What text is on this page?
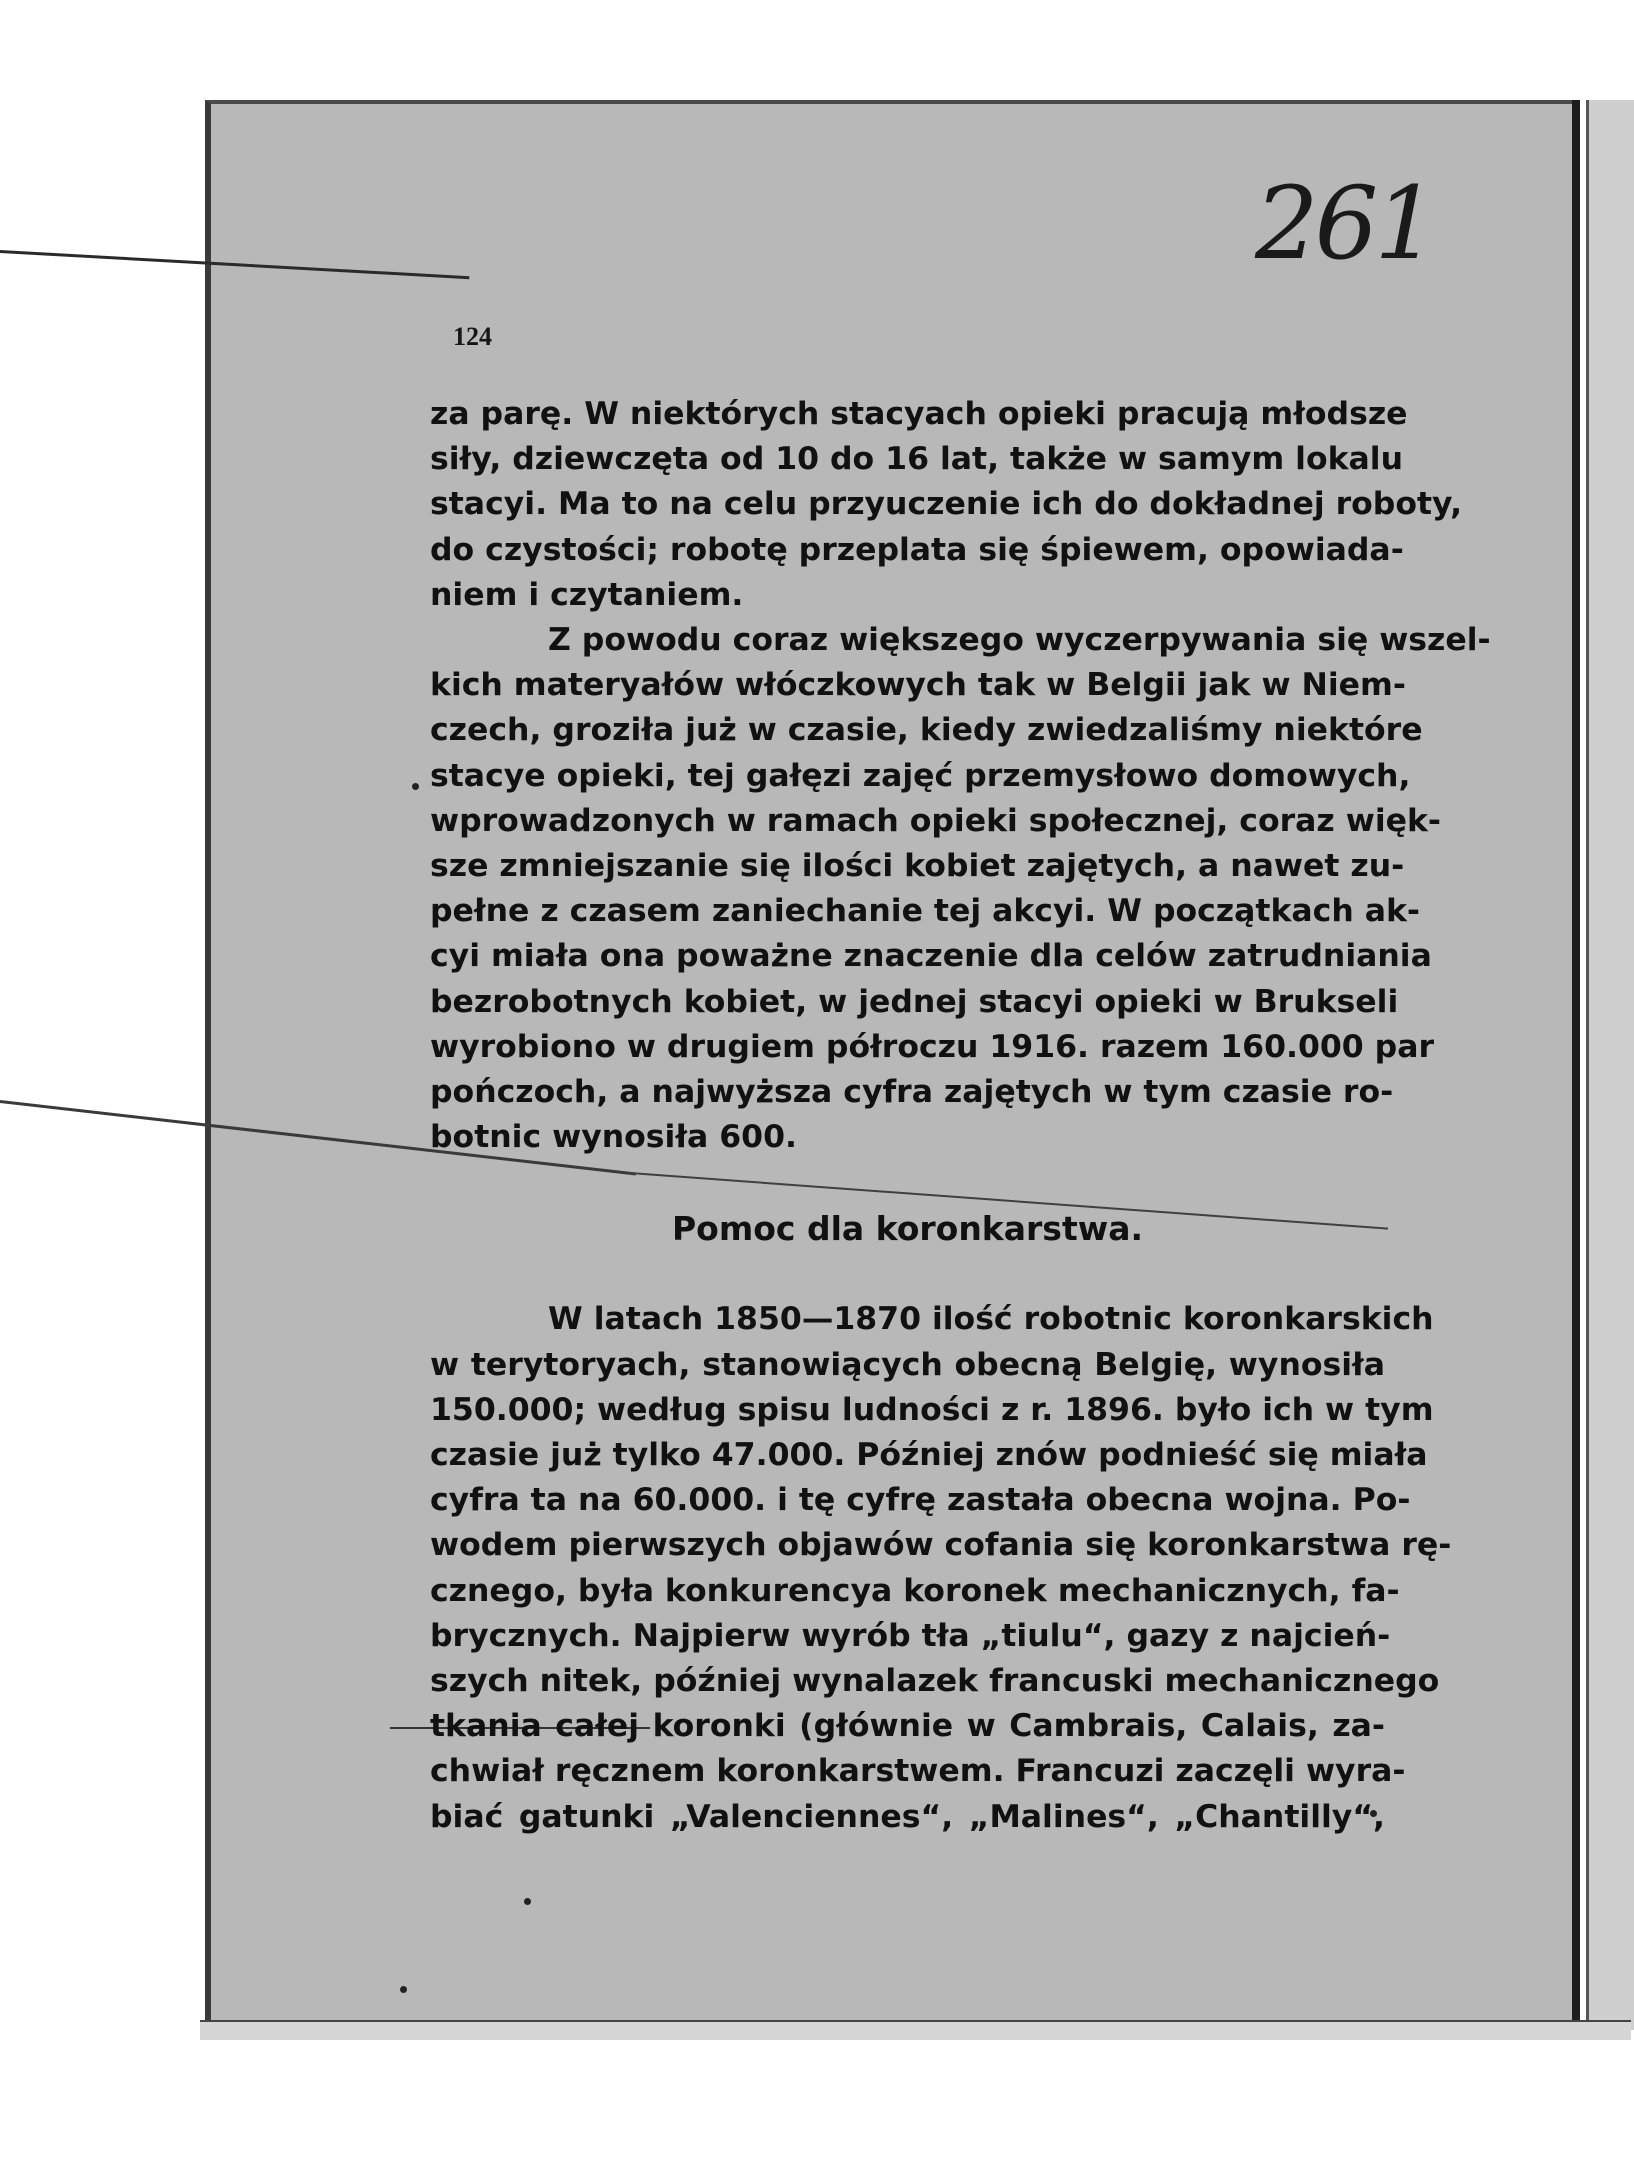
261
124

za parę. W niektórych stacyach opieki pracują młodsze
siły, dziewczęta od 10 do 16 lat, także w samym lokalu
stacyi. Ma to na celu przyuczenie ich do dokładnej roboty,
do czystości; robotę przeplata się śpiewem, opowiada-
niem i czytaniem.

Z powodu coraz większego wyczerpywania się wszel-
kich materyałów włóczkowych tak w Belgii jak w Niem-
czech, groziła już w czasie, kiedy zwiedzaliśmy niektóre
stacye opieki, tej gałęzi zajęć przemysłowo domowych,
wprowadzonych w ramach opieki społecznej, coraz więk-
sze zmniejszanie się ilości kobiet zajętych, a nawet zu-
pełne z czasem zaniechanie tej akcyi. W początkach ak-
cyi miała ona poważne znaczenie dla celów zatrudniania
bezrobotnych kobiet, w jednej stacyi opieki w Brukseli
wyrobiono w drugiem półroczu 1916. razem 160.000 par
pończoch, a najwyższa cyfra zajętych w tym czasie ro-
botnic wynosiła 600.

Pomoc dla koronkarstwa.

W latach 1850—1870 ilość robotnic koronkarskich
w terytoryach, stanowiących obecną Belgię, wynosiła
150.000; według spisu ludności z r. 1896. było ich w tym
czasie już tylko 47.000. Później znów podnieść się miała
cyfra ta na 60.000. i tę cyfrę zastała obecna wojna. Po-
wodem pierwszych objawów cofania się koronkarstwa rę-
cznego, była konkurencya koronek mechanicznych, fa-
brycznych. Najpierw wyrób tła „tiulu“, gazy z najcień-
szych nitek, później wynalazek francuski mechanicznego
tkania całej koronki (głównie w Cambrais, Calais, za-
chwiał ręcznem koronkarstwem. Francuzi zaczęli wyra-
biać gatunki „Valenciennes“, „Malines“, „Chantilly“,
